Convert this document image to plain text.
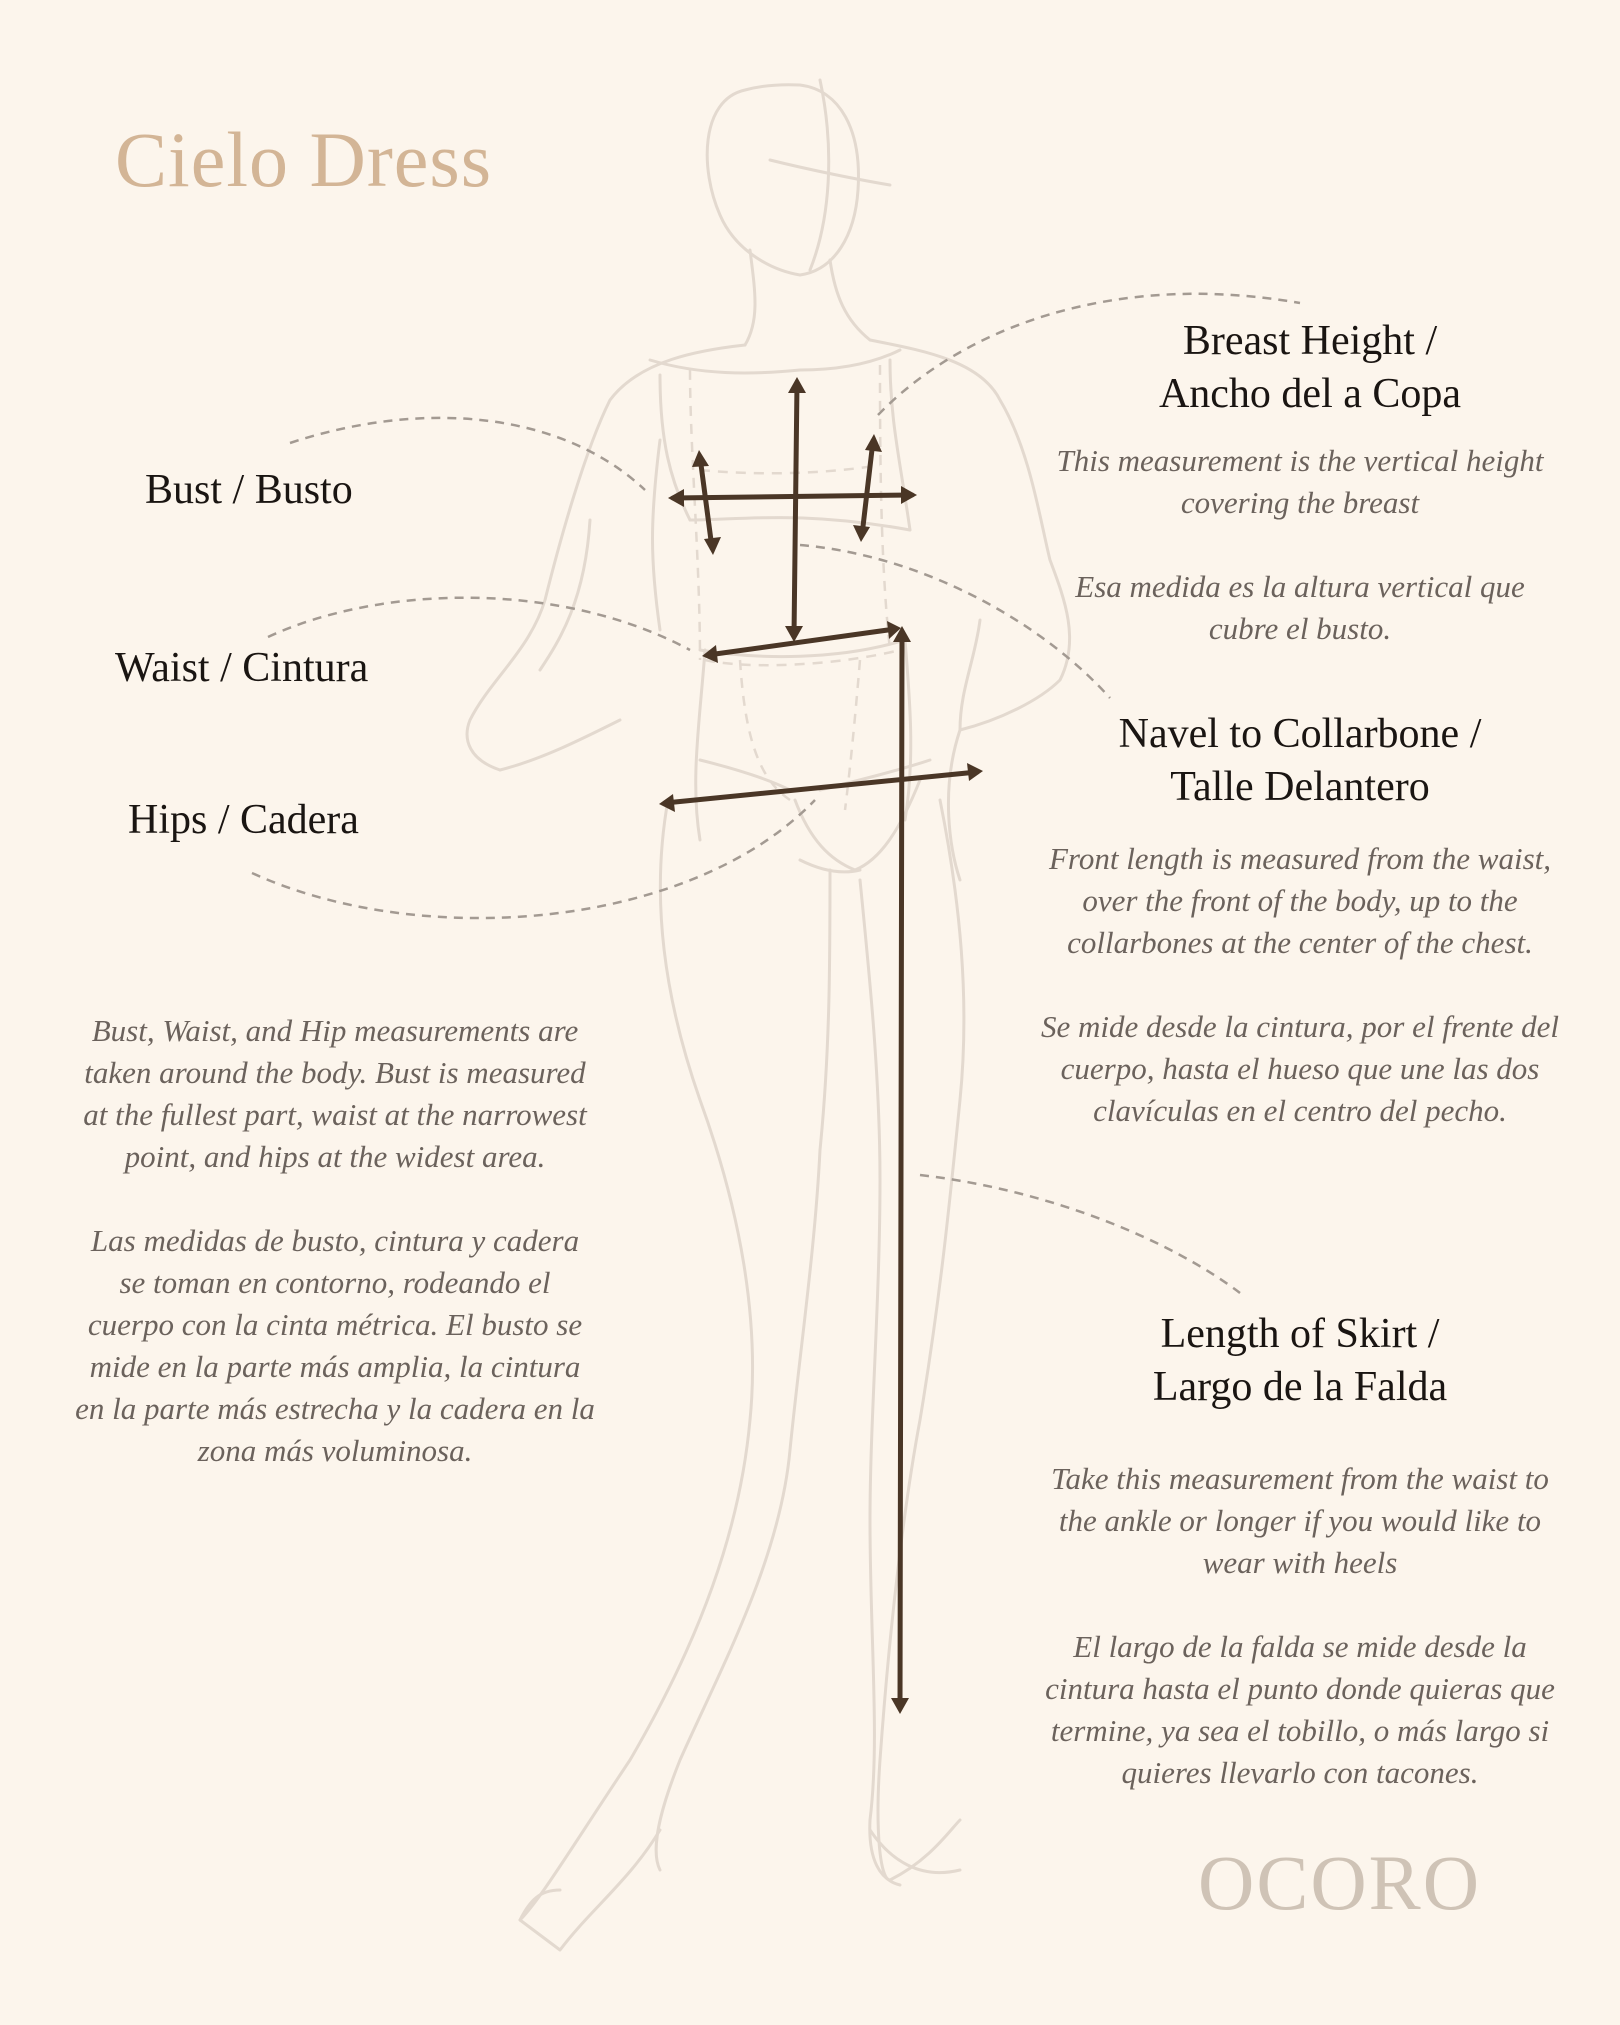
Cielo Dress
Bust / Busto
Waist / Cintura
Hips / Cadera
Breast Height /
Ancho del a Copa
Navel to Collarbone /
Talle Delantero
Length of Skirt /
Largo de la Falda

This measurement is the vertical height covering the breast

Esa medida es la altura vertical que cubre el busto.

Front length is measured from the waist, over the front of the body, up to the collarbones at the center of the chest.

Se mide desde la cintura, por el frente del cuerpo, hasta el hueso que une las dos clavículas en el centro del pecho.

Bust, Waist, and Hip measurements are taken around the body. Bust is measured at the fullest part, waist at the narrowest point, and hips at the widest area.

Las medidas de busto, cintura y cadera se toman en contorno, rodeando el cuerpo con la cinta métrica. El busto se mide en la parte más amplia, la cintura en la parte más estrecha y la cadera en la zona más voluminosa.

Take this measurement from the waist to the ankle or longer if you would like to wear with heels

El largo de la falda se mide desde la cintura hasta el punto donde quieras que termine, ya sea el tobillo, o más largo si quieres llevarlo con tacones.

OCORO
